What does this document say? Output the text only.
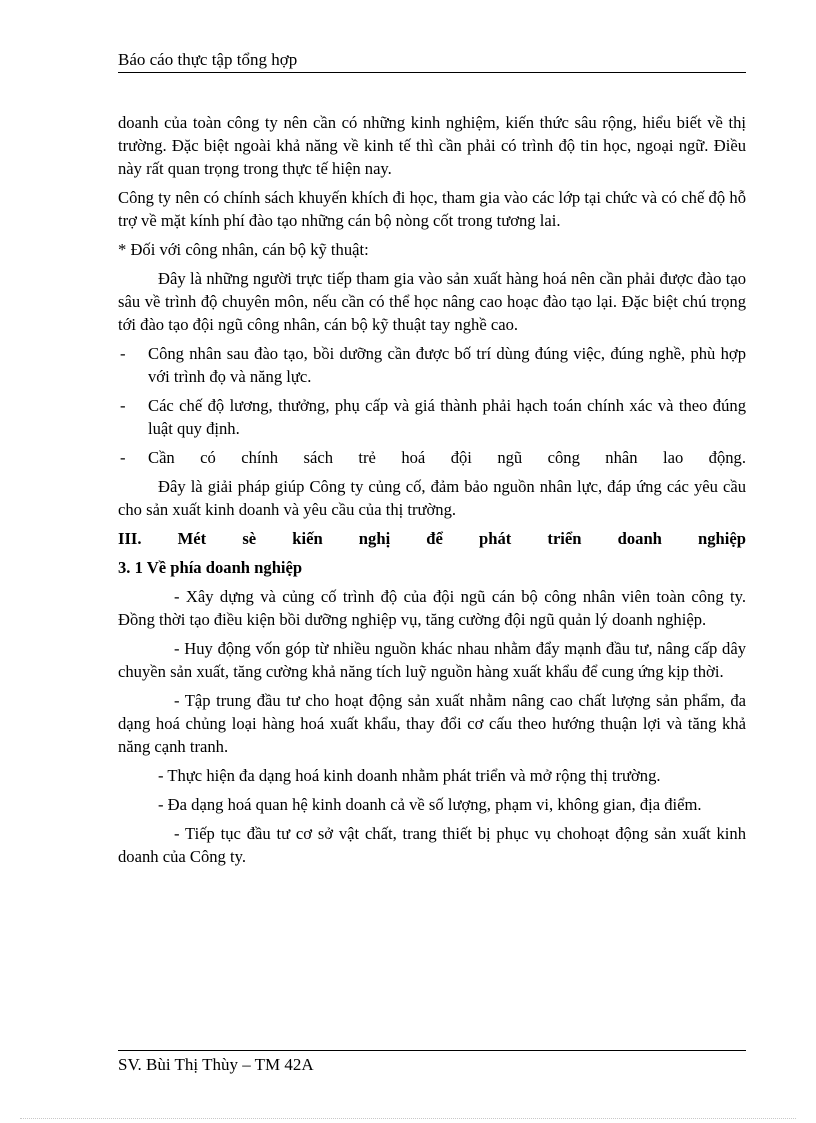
Báo cáo thực tập tổng hợp

doanh của toàn công ty nên cần có những kinh nghiệm, kiến thức sâu rộng, hiểu biết về thị trường. Đặc biệt ngoài khả năng về kinh tế thì cần phải có trình độ tin học, ngoại ngữ. Điều này rất quan trọng trong thực tế hiện nay.

Công ty nên có chính sách khuyến khích đi học, tham gia vào các lớp tại chức và có chế độ hỗ trợ về mặt kính phí đào tạo những cán bộ nòng cốt trong tương lai.

* Đối với công nhân, cán bộ kỹ thuật:

Đây là những người trực tiếp tham gia vào sản xuất hàng hoá nên cần phải được đào tạo sâu về trình độ chuyên môn, nếu cần có thể học nâng cao hoạc đào tạo lại. Đặc biệt chú trọng tới đào tạo đội ngũ công nhân, cán bộ kỹ thuật tay nghề cao.

- Công nhân sau đào tạo, bồi dưỡng cần được bố trí dùng đúng việc, đúng nghề, phù hợp với trình đọ và năng lực.
- Các chế độ lương, thưởng, phụ cấp và giá thành phải hạch toán chính xác và theo đúng luật quy định.
- Cần có chính sách trẻ hoá đội ngũ công nhân lao động.

Đây là giải pháp giúp Công ty củng cố, đảm bảo nguồn nhân lực, đáp ứng các yêu cầu cho sản xuất kinh doanh và yêu cầu của thị trường.

III. Mét sè kiến nghị để phát triển doanh nghiệp

3. 1 Về phía doanh nghiệp

- Xây dựng và củng cố trình độ của đội ngũ cán bộ công nhân viên toàn công ty. Đồng thời tạo điều kiện bồi dưỡng nghiệp vụ, tăng cường đội ngũ quản lý doanh nghiệp.

- Huy động vốn góp từ nhiều nguồn khác nhau nhằm đẩy mạnh đầu tư, nâng cấp dây chuyền sản xuất, tăng cường khả năng tích luỹ nguồn hàng xuất khẩu để cung ứng kịp thời.

- Tập trung đầu tư cho hoạt động sản xuất nhằm nâng cao chất lượng sản phẩm, đa dạng hoá chủng loại hàng hoá xuất khẩu, thay đổi cơ cấu theo hướng thuận lợi và tăng khả năng cạnh tranh.

- Thực hiện đa dạng hoá kinh doanh nhằm phát triển và mở rộng thị trường.

- Đa dạng hoá quan hệ kinh doanh cả về số lượng, phạm vi, không gian, địa điểm.

- Tiếp tục đầu tư cơ sở vật chất, trang thiết bị phục vụ chohoạt động sản xuất kinh doanh của Công ty.

SV. Bùi Thị Thùy – TM 42A
